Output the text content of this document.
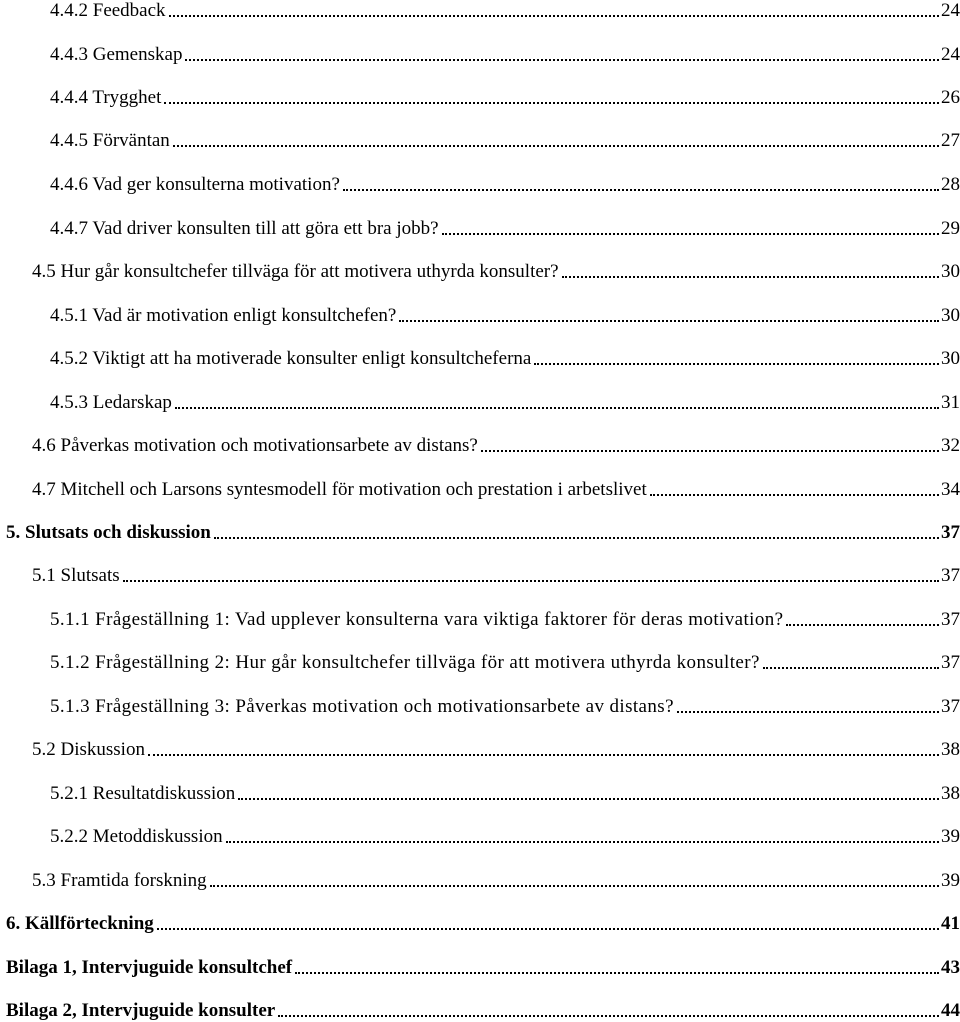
4.4.2 Feedback	24
4.4.3 Gemenskap	24
4.4.4 Trygghet	26
4.4.5 Förväntan	27
4.4.6 Vad ger konsulterna motivation?	28
4.4.7 Vad driver konsulten till att göra ett bra jobb?	29
4.5 Hur går konsultchefer tillväga för att motivera uthyrda konsulter?	30
4.5.1 Vad är motivation enligt konsultchefen?	30
4.5.2 Viktigt att ha motiverade konsulter enligt konsultcheferna	30
4.5.3 Ledarskap	31
4.6 Påverkas motivation och motivationsarbete av distans?	32
4.7 Mitchell och Larsons syntesmodell för motivation och prestation i arbetslivet	34
5. Slutsats och diskussion	37
5.1 Slutsats	37
5.1.1 Frågeställning 1: Vad upplever konsulterna vara viktiga faktorer för deras motivation?	37
5.1.2 Frågeställning 2: Hur går konsultchefer tillväga för att motivera uthyrda konsulter?	37
5.1.3 Frågeställning 3: Påverkas motivation och motivationsarbete av distans?	37
5.2 Diskussion	38
5.2.1 Resultatdiskussion	38
5.2.2 Metoddiskussion	39
5.3 Framtida forskning	39
6. Källförteckning	41
Bilaga 1, Intervjuguide konsultchef	43
Bilaga 2, Intervjuguide konsulter	44
